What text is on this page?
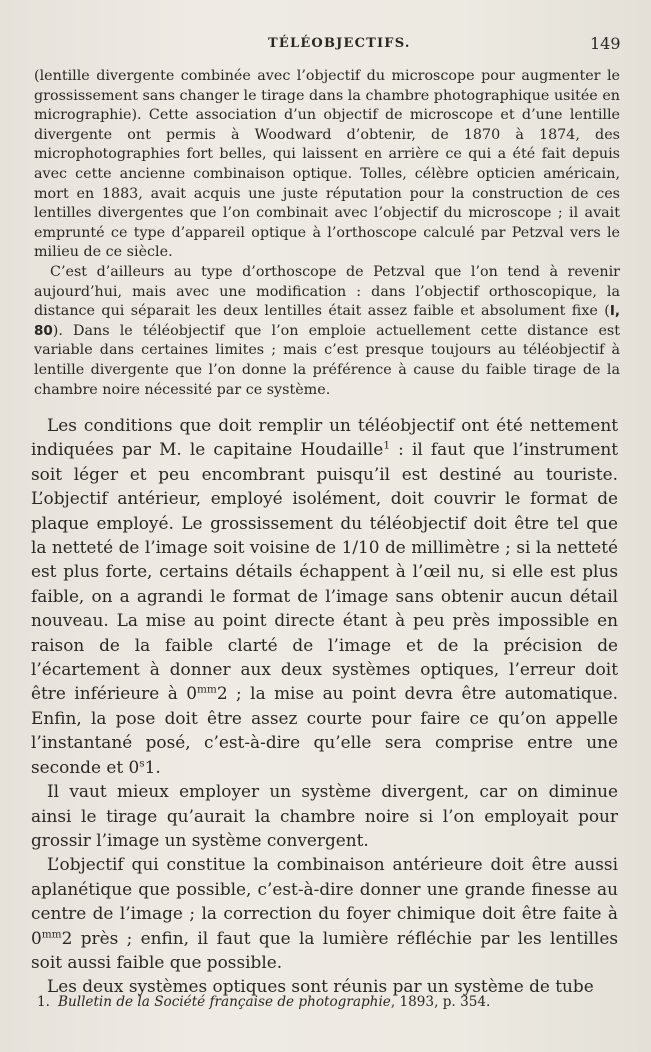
TÉLÉOBJECTIFS.	149

(lentille divergente combinée avec l’objectif du microscope pour augmenter le grossissement sans changer le tirage dans la chambre photographique usitée en micrographie). Cette association d’un objectif de microscope et d’une lentille divergente ont permis à Woodward d’obtenir, de 1870 à 1874, des microphotographies fort belles, qui laissent en arrière ce qui a été fait depuis avec cette ancienne combinaison optique. Tolles, célèbre opticien américain, mort en 1883, avait acquis une juste réputation pour la construction de ces lentilles divergentes que l’on combinait avec l’objectif du microscope ; il avait emprunté ce type d’appareil optique à l’orthoscope calculé par Petzval vers le milieu de ce siècle.

C’est d’ailleurs au type d’orthoscope de Petzval que l’on tend à revenir aujourd’hui, mais avec une modification : dans l’objectif orthoscopique, la distance qui séparait les deux lentilles était assez faible et absolument fixe (I, 80). Dans le téléobjectif que l’on emploie actuellement cette distance est variable dans certaines limites ; mais c’est presque toujours au téléobjectif à lentille divergente que l’on donne la préférence à cause du faible tirage de la chambre noire nécessité par ce système.

Les conditions que doit remplir un téléobjectif ont été nettement indiquées par M. le capitaine Houdaille$^1$ : il faut que l’instrument soit léger et peu encombrant puisqu’il est destiné au touriste. L’objectif antérieur, employé isolément, doit couvrir le format de plaque employé. Le grossissement du téléobjectif doit être tel que la netteté de l’image soit voisine de 1/10 de millimètre ; si la netteté est plus forte, certains détails échappent à l’œil nu, si elle est plus faible, on a agrandi le format de l’image sans obtenir aucun détail nouveau. La mise au point directe étant à peu près impossible en raison de la faible clarté de l’image et de la précision de l’écartement à donner aux deux systèmes optiques, l’erreur doit être inférieure à $0^{mm}2$ ; la mise au point devra être automatique. Enfin, la pose doit être assez courte pour faire ce qu’on appelle l’instantané posé, c’est-à-dire qu’elle sera comprise entre une seconde et 0$^s$1.

Il vaut mieux employer un système divergent, car on diminue ainsi le tirage qu’aurait la chambre noire si l’on employait pour grossir l’image un système convergent.

L’objectif qui constitue la combinaison antérieure doit être aussi aplanétique que possible, c’est-à-dire donner une grande finesse au centre de l’image ; la correction du foyer chimique doit être faite à $0^{mm}2$ près ; enfin, il faut que la lumière réfléchie par les lentilles soit aussi faible que possible.

Les deux systèmes optiques sont réunis par un système de tube

1. Bulletin de la Société française de photographie, 1893, p. 354.
